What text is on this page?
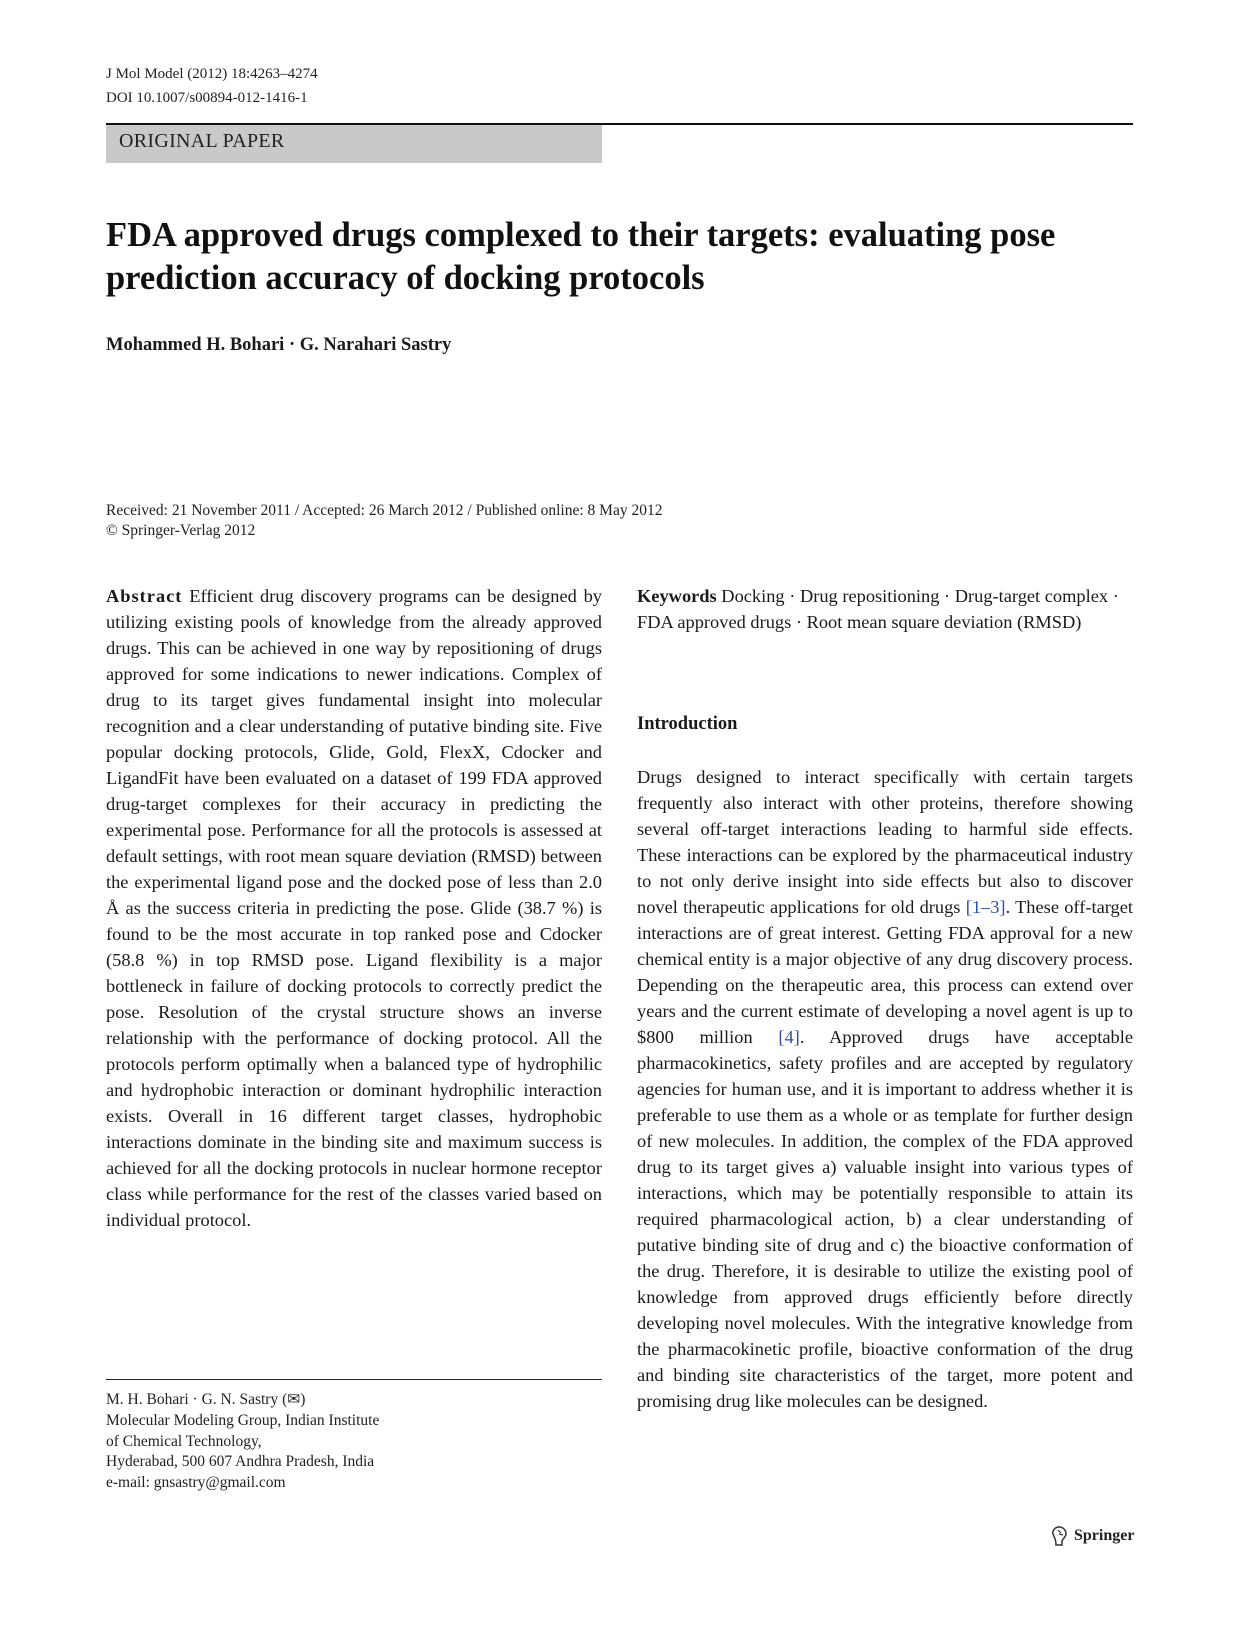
J Mol Model (2012) 18:4263–4274
DOI 10.1007/s00894-012-1416-1
ORIGINAL PAPER
FDA approved drugs complexed to their targets: evaluating pose prediction accuracy of docking protocols
Mohammed H. Bohari · G. Narahari Sastry
Received: 21 November 2011 / Accepted: 26 March 2012 / Published online: 8 May 2012
© Springer-Verlag 2012
Abstract Efficient drug discovery programs can be designed by utilizing existing pools of knowledge from the already approved drugs. This can be achieved in one way by repositioning of drugs approved for some indications to newer indications. Complex of drug to its target gives fundamental insight into molecular recognition and a clear understanding of putative binding site. Five popular docking protocols, Glide, Gold, FlexX, Cdocker and LigandFit have been evaluated on a dataset of 199 FDA approved drug-target complexes for their accuracy in predicting the experimental pose. Performance for all the protocols is assessed at default settings, with root mean square deviation (RMSD) between the experimental ligand pose and the docked pose of less than 2.0 Å as the success criteria in predicting the pose. Glide (38.7 %) is found to be the most accurate in top ranked pose and Cdocker (58.8 %) in top RMSD pose. Ligand flexibility is a major bottleneck in failure of docking protocols to correctly predict the pose. Resolution of the crystal structure shows an inverse relationship with the performance of docking protocol. All the protocols perform optimally when a balanced type of hydrophilic and hydrophobic interaction or dominant hydrophilic interaction exists. Overall in 16 different target classes, hydrophobic interactions dominate in the binding site and maximum success is achieved for all the docking protocols in nuclear hormone receptor class while performance for the rest of the classes varied based on individual protocol.
Keywords Docking · Drug repositioning · Drug-target complex · FDA approved drugs · Root mean square deviation (RMSD)
Introduction
Drugs designed to interact specifically with certain targets frequently also interact with other proteins, therefore showing several off-target interactions leading to harmful side effects. These interactions can be explored by the pharmaceutical industry to not only derive insight into side effects but also to discover novel therapeutic applications for old drugs [1–3]. These off-target interactions are of great interest. Getting FDA approval for a new chemical entity is a major objective of any drug discovery process. Depending on the therapeutic area, this process can extend over years and the current estimate of developing a novel agent is up to $800 million [4]. Approved drugs have acceptable pharmacokinetics, safety profiles and are accepted by regulatory agencies for human use, and it is important to address whether it is preferable to use them as a whole or as template for further design of new molecules. In addition, the complex of the FDA approved drug to its target gives a) valuable insight into various types of interactions, which may be potentially responsible to attain its required pharmacological action, b) a clear understanding of putative binding site of drug and c) the bioactive conformation of the drug. Therefore, it is desirable to utilize the existing pool of knowledge from approved drugs efficiently before directly developing novel molecules. With the integrative knowledge from the pharmacokinetic profile, bioactive conformation of the drug and binding site characteristics of the target, more potent and promising drug like molecules can be designed.
M. H. Bohari · G. N. Sastry (✉)
Molecular Modeling Group, Indian Institute
of Chemical Technology,
Hyderabad, 500 607 Andhra Pradesh, India
e-mail: gnsastry@gmail.com
Springer
